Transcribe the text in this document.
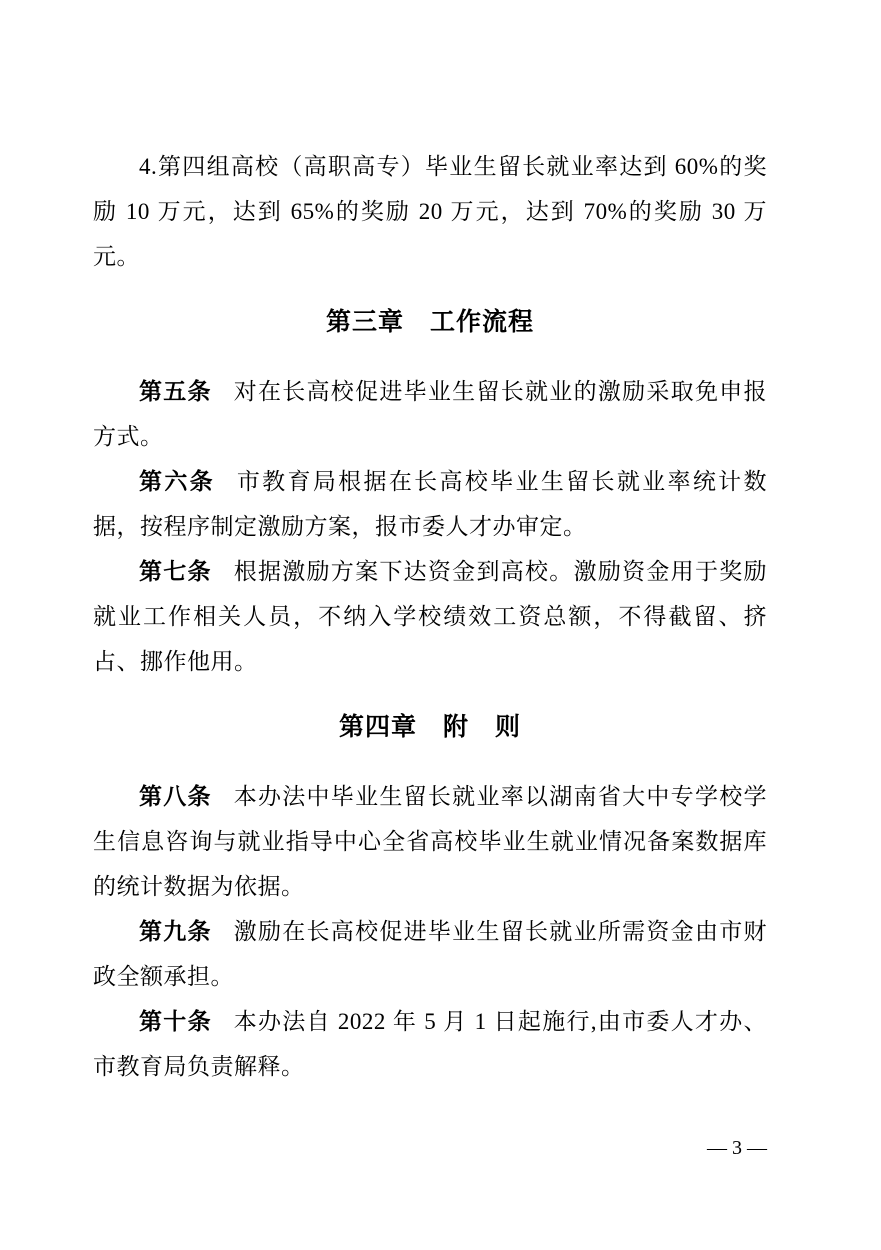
4.第四组高校（高职高专）毕业生留长就业率达到 60%的奖励 10 万元，达到 65%的奖励 20 万元，达到 70%的奖励 30 万元。

第三章　工作流程

第五条 对在长高校促进毕业生留长就业的激励采取免申报方式。

第六条 市教育局根据在长高校毕业生留长就业率统计数据，按程序制定激励方案，报市委人才办审定。

第七条 根据激励方案下达资金到高校。激励资金用于奖励就业工作相关人员，不纳入学校绩效工资总额，不得截留、挤占、挪作他用。

第四章　附　则

第八条 本办法中毕业生留长就业率以湖南省大中专学校学生信息咨询与就业指导中心全省高校毕业生就业情况备案数据库的统计数据为依据。

第九条 激励在长高校促进毕业生留长就业所需资金由市财政全额承担。

第十条 本办法自 2022 年 5 月 1 日起施行,由市委人才办、市教育局负责解释。

— 3 —
